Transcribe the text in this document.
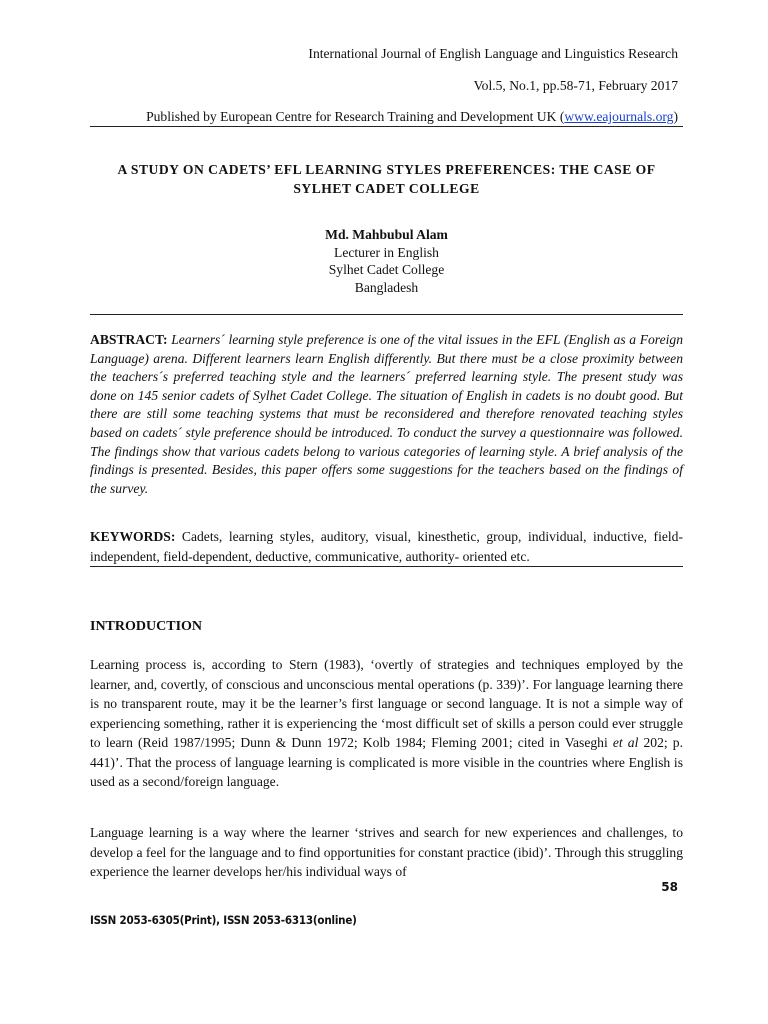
International Journal of English Language and Linguistics Research
Vol.5, No.1, pp.58-71, February 2017
Published by European Centre for Research Training and Development UK (www.eajournals.org)
A STUDY ON CADETS’ EFL LEARNING STYLES PREFERENCES: THE CASE OF
SYLHET CADET COLLEGE
Md. Mahbubul Alam
Lecturer in English
Sylhet Cadet College
Bangladesh
ABSTRACT: Learners´ learning style preference is one of the vital issues in the EFL (English as a Foreign Language) arena. Different learners learn English differently. But there must be a close proximity between the teachers´s preferred teaching style and the learners´ preferred learning style. The present study was done on 145 senior cadets of Sylhet Cadet College. The situation of English in cadets is no doubt good. But there are still some teaching systems that must be reconsidered and therefore renovated teaching styles based on cadets´ style preference should be introduced. To conduct the survey a questionnaire was followed. The findings show that various cadets belong to various categories of learning style. A brief analysis of the findings is presented. Besides, this paper offers some suggestions for the teachers based on the findings of the survey.
KEYWORDS: Cadets, learning styles, auditory, visual, kinesthetic, group, individual, inductive, field-independent, field-dependent, deductive, communicative, authority- oriented etc.
INTRODUCTION
Learning process is, according to Stern (1983), ‘overtly of strategies and techniques employed by the learner, and, covertly, of conscious and unconscious mental operations (p. 339)’. For language learning there is no transparent route, may it be the learner’s first language or second language. It is not a simple way of experiencing something, rather it is experiencing the ‘most difficult set of skills a person could ever struggle to learn (Reid 1987/1995; Dunn & Dunn 1972; Kolb 1984; Fleming 2001; cited in Vaseghi et al 202; p. 441)’. That the process of language learning is complicated is more visible in the countries where English is used as a second/foreign language.
Language learning is a way where the learner ‘strives and search for new experiences and challenges, to develop a feel for the language and to find opportunities for constant practice (ibid)’. Through this struggling experience the learner develops her/his individual ways of
58
ISSN 2053-6305(Print), ISSN 2053-6313(online)
